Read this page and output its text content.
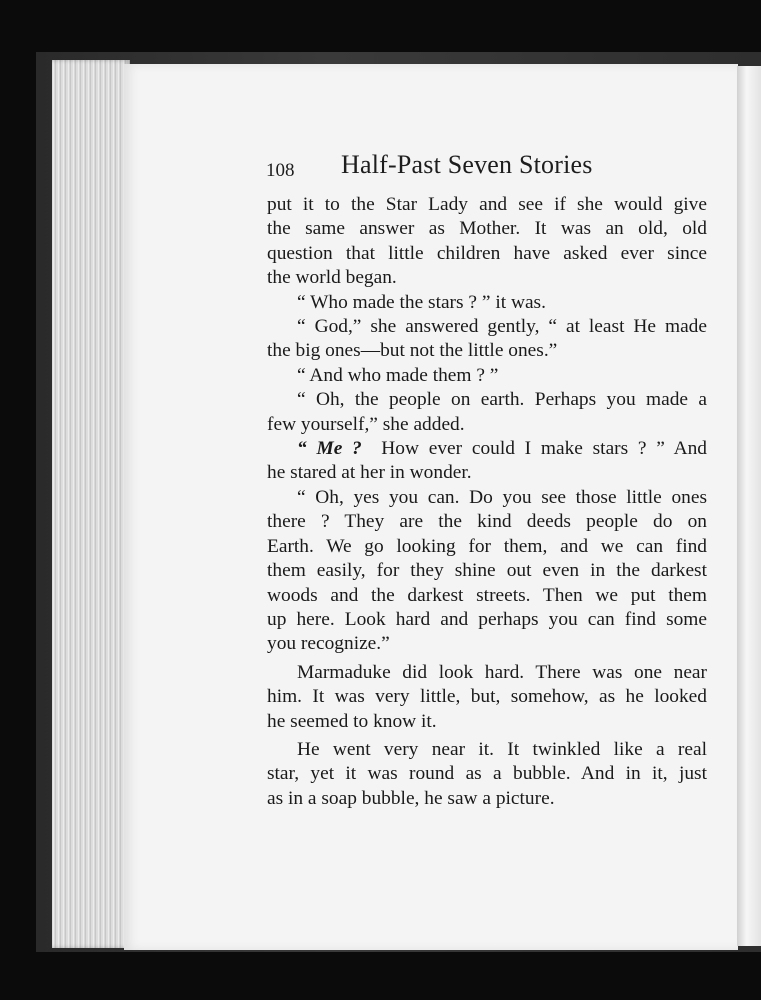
108 Half-Past Seven Stories

put it to the Star Lady and see if she would give

the same answer as Mother. It was an old, old

question that little children have asked ever since

the world began.

“ Who made the stars ? ” it was.

“ God,” she answered gently, “ at least He made

the big ones—but not the little ones.”

“ And who made them ? ”

“ Oh, the people on earth. Perhaps you made a

few yourself,” she added.

“ Me ? How ever could I make stars ? ” And

he stared at her in wonder.

“ Oh, yes you can. Do you see those little ones

there ? They are the kind deeds people do on

Earth. We go looking for them, and we can find

them easily, for they shine out even in the darkest

woods and the darkest streets. Then we put them

up here. Look hard and perhaps you can find some

you recognize.”

Marmaduke did look hard. There was one near

him. It was very little, but, somehow, as he looked

he seemed to know it.

He went very near it. It twinkled like a real

star, yet it was round as a bubble. And in it, just

as in a soap bubble, he saw a picture.
